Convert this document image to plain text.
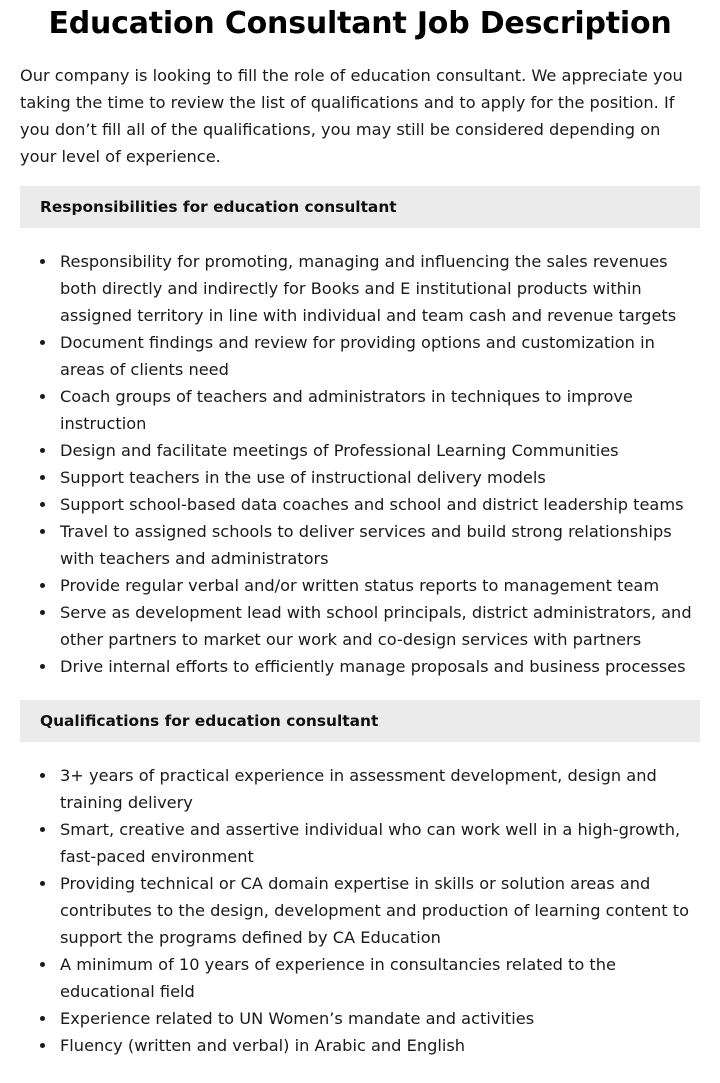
Education Consultant Job Description

Our company is looking to fill the role of education consultant. We appreciate you taking the time to review the list of qualifications and to apply for the position. If you don’t fill all of the qualifications, you may still be considered depending on your level of experience.

Responsibilities for education consultant
Responsibility for promoting, managing and influencing the sales revenues both directly and indirectly for Books and E institutional products within assigned territory in line with individual and team cash and revenue targets
Document findings and review for providing options and customization in areas of clients need
Coach groups of teachers and administrators in techniques to improve instruction
Design and facilitate meetings of Professional Learning Communities
Support teachers in the use of instructional delivery models
Support school-based data coaches and school and district leadership teams
Travel to assigned schools to deliver services and build strong relationships with teachers and administrators
Provide regular verbal and/or written status reports to management team
Serve as development lead with school principals, district administrators, and other partners to market our work and co-design services with partners
Drive internal efforts to efficiently manage proposals and business processes
Qualifications for education consultant
3+ years of practical experience in assessment development, design and training delivery
Smart, creative and assertive individual who can work well in a high-growth, fast-paced environment
Providing technical or CA domain expertise in skills or solution areas and contributes to the design, development and production of learning content to support the programs defined by CA Education
A minimum of 10 years of experience in consultancies related to the educational field
Experience related to UN Women’s mandate and activities
Fluency (written and verbal) in Arabic and English
